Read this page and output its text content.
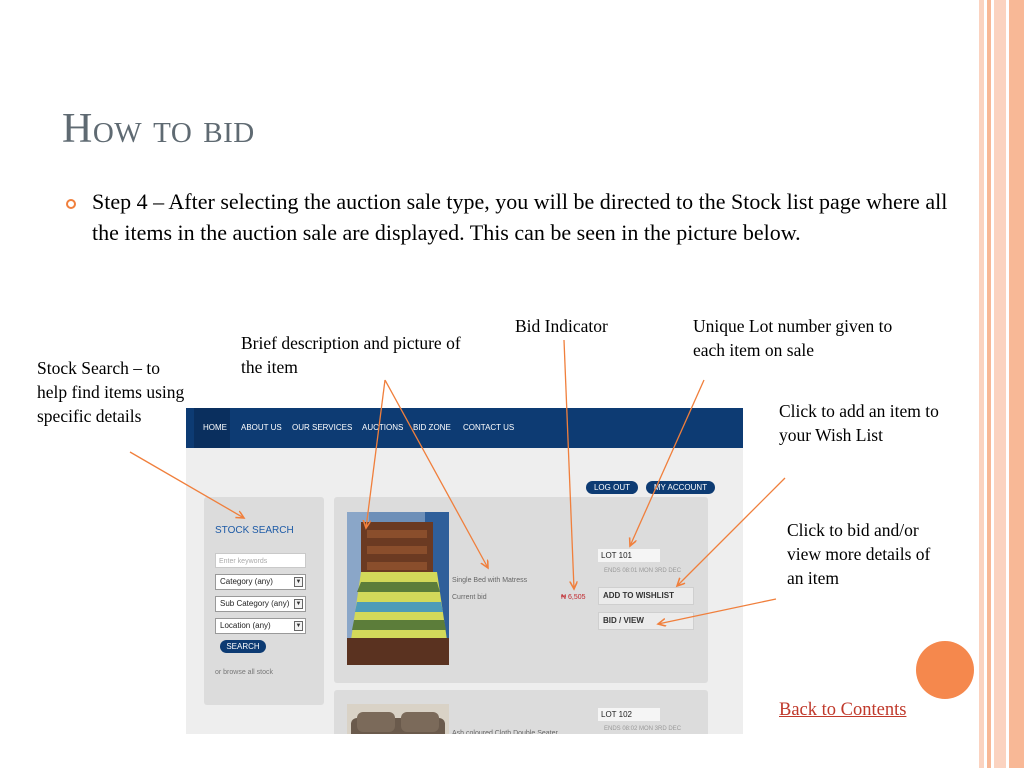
How to bid
Step 4 – After selecting the auction sale type, you will be directed to the Stock list page where all the items in the auction sale are displayed. This can be seen in the picture below.
Stock Search – to help find items using specific details
Brief description and picture of the item
Bid Indicator	Unique Lot number given to each item on sale
Click to add an item to your Wish List
Click to bid and/or view more details of an item
HOME ABOUT US OUR SERVICES AUCTIONS BID ZONE CONTACT US
LOG OUT	MY ACCOUNT
STOCK SEARCH
Enter keywords
Category (any)	▼
Sub Category (any) ▼
Location (any)	▼
SEARCH
or browse all stock
Single Bed with Matress
Current bid	₦ 6,505
LOT 101
ENDS 08:01 MON 3RD DEC
ADD TO WISHLIST
BID / VIEW
Ash coloured Cloth Double Seater
LOT 102
ENDS 08:02 MON 3RD DEC
Back to Contents
